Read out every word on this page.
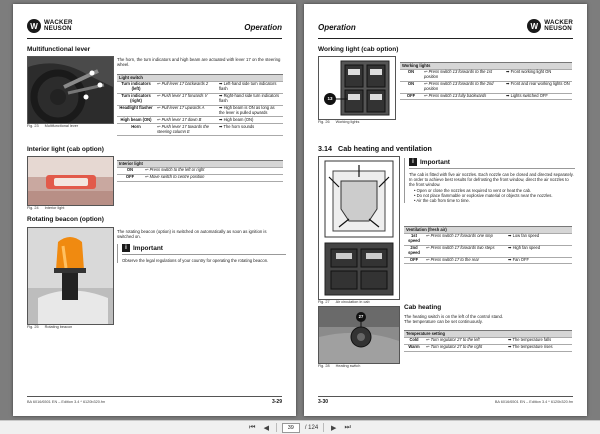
W	WACKER
NEUSON	Operation
Multifunctional lever
Fig. 23 Multifunctional lever
The horn, the turn indicators and high beam are actuated with lever 17 on the steering wheel.
Light switch		
Turn indicators (left)	↩ Pull lever 17 backwards 2	➡ Left-hand side turn indicators flash
Turn indicators (right)	↩ Push lever 17 forwards V	➡ Right-hand side turn indicators flash
Headlight flasher	↩ Pull lever 17 upwards A	➡ High beam is ON as long as the lever is pulled upwards
High beam (ON)	↩ Push lever 17 down B	➡ High beam (ON)
Horn	↩ Push lever 17 towards the steering column E	➡ The horn sounds
Interior light (cab option)
Fig. 24 Interior light
Interior light	
ON	↩ Press switch to the left or right
OFF	↩ Move switch to centre position
Rotating beacon (option)
Fig. 25 Rotating beacon
The rotating beacon (option) is switched on automatically as soon as ignition is switched on.
i Important
Observe the legal regulations of your country for operating the rotating beacon.
BA 6016/6501 EN – Edition 3.4 * 6120b320.fm	3-29
Operation	W	WACKER
NEUSON
Working light (cab option)
13
Fig. 26 Working lights
Working lights		
ON	↩ Press switch 13 forwards to the 1st position	➡ Front working light ON
ON	↩ Press switch 13 forwards to the 2nd position	➡ Front and rear working lights ON
OFF	↩ Press switch 13 fully backwards	➡ Lights switched OFF
3.14 Cab heating and ventilation
Fig. 27 Air circulation in cab
i Important
The cab is fitted with five air nozzles. Each nozzle can be closed and directed separately. In order to achieve best results for defrosting the front window, direct the air nozzles to the front window.
• Open or close the nozzles as required to vent or heat the cab.
• Do not place flammable or explosive material or objects near the nozzles.
• Air the cab from time to time.
Ventilation (fresh air)		
1st speed	↩ Press switch 17 forwards one step	➡ Low fan speed
2nd speed	↩ Press switch 17 forwards two steps	➡ High fan speed
OFF	↩ Press switch 17 to the rear	➡ Fan OFF
Cab heating
27
Fig. 28 Heating switch
The heating switch is on the left of the control stand.
The temperature can be set continuously.
Temperature setting		
Cold	↩ Turn regulator 27 to the left	➡ The temperature falls
Warm	↩ Turn regulator 27 to the right	➡ The temperature rises
3-30	BA 6016/6501 EN – Edition 3.4 * 6120b320.fm
⏮ ◀	39	/ 124 ▶ ⏭
